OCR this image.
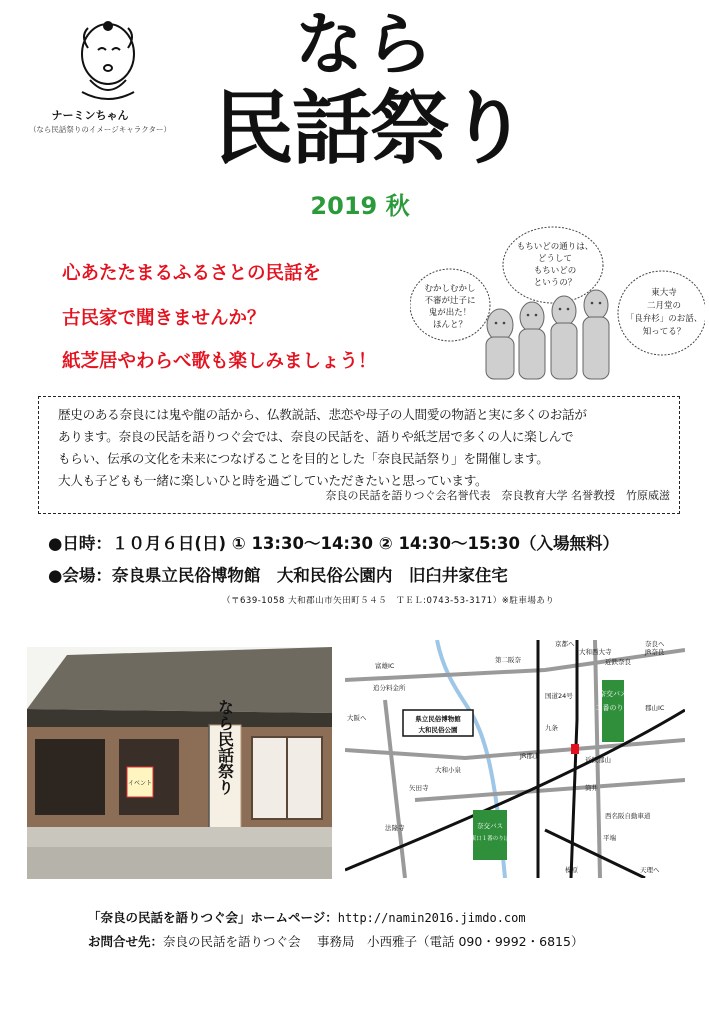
ナーミンちゃん
（なら民話祭りのイメージキャラクター）
なら
民話祭り
2019 秋
心あたたまるふるさとの民話を
古民家で聞きませんか？
紙芝居やわらべ歌も楽しみましょう！
むかしむかし
不審が辻子に
鬼が出た！
ほんと？
もちいどの通りは、
どうして
もちいどの
というの？
東大寺
二月堂の
「良弁杉」のお話、
知ってる？
歴史のある奈良には鬼や龍の話から、仏教説話、悲恋や母子の人間愛の物語と実に多くのお話が
あります。奈良の民話を語りつぐ会では、奈良の民話を、語りや紙芝居で多くの人に楽しんで
もらい、伝承の文化を未来につなげることを目的とした「奈良民話祭り」を開催します。
大人も子どもも一緒に楽しいひと時を過ごしていただきたいと思っています。
奈良の民話を語りつぐ会名誉代表　奈良教育大学 名誉教授　竹原威滋
●日時：１０月６日(日) ① 13:30～14:30 ② 14:30～15:30（入場無料）
●会場：奈良県立民俗博物館　大和民俗公園内　旧臼井家住宅
（〒639-1058 大和郡山市矢田町５４５　ＴＥＬ:0743-53-3171）※駐車場あり
なら民話祭り
イベント
県立民俗博物館
大和民俗公園
奈交バス
二番のりば
奈交バス
東口１番のりば
京都へ
大和西大寺
近鉄奈良
富雄IC
JR奈良
奈良へ
第二阪奈
追分料金所
郡山IC
国道24号
九条
近鉄郡山
JR郡山
大和小泉
筒井
法隆寺
西名阪自動車道
天理へ
平端
大阪へ
矢田寺
榛原
「奈良の民話を語りつぐ会」ホームページ：http://namin2016.jimdo.com
お問合せ先：奈良の民話を語りつぐ会　 事務局　小西雅子（電話 090・9992・6815）
